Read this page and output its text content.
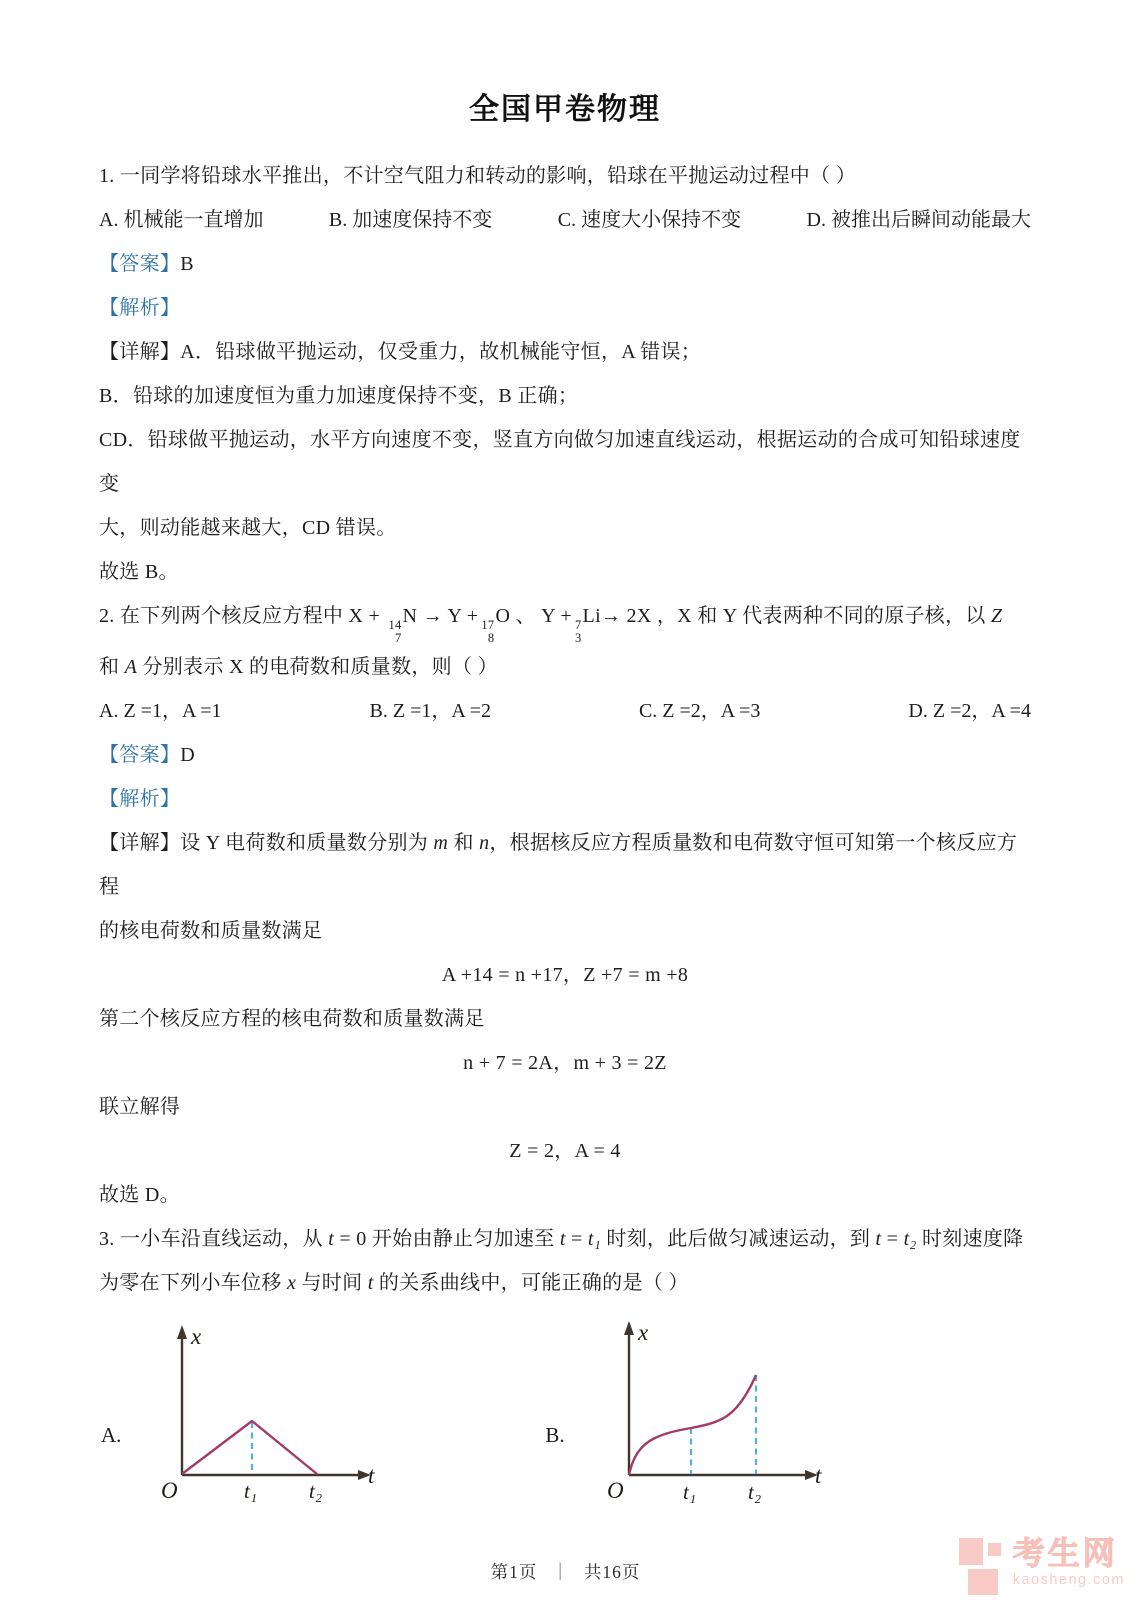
全国甲卷物理

1. 一同学将铅球水平推出，不计空气阻力和转动的影响，铅球在平抛运动过程中（ ）

A. 机械能一直增加	B. 加速度保持不变	C. 速度大小保持不变	D. 被推出后瞬间动能最大

【答案】B

【解析】

【详解】A．铅球做平抛运动，仅受重力，故机械能守恒，A 错误；

B．铅球的加速度恒为重力加速度保持不变，B 正确；

CD．铅球做平抛运动，水平方向速度不变，竖直方向做匀加速直线运动，根据运动的合成可知铅球速度变

大，则动能越来越大，CD 错误。

故选 B。

2. 在下列两个核反应方程中 X + 14
7
N → Y + 17
8
O 、 Y + 7
3
Li→ 2X ，X 和 Y 代表两种不同的原子核，以 Z

和 A 分别表示 X 的电荷数和质量数，则（ ）

A. Z =1，A =1	B. Z =1，A =2	C. Z =2，A =3	D. Z =2，A =4

【答案】D

【解析】

【详解】设 Y 电荷数和质量数分别为 m 和 n，根据核反应方程质量数和电荷数守恒可知第一个核反应方程

的核电荷数和质量数满足

A +14 = n +17，Z +7 = m +8

第二个核反应方程的核电荷数和质量数满足

n + 7 = 2A，m + 3 = 2Z

联立解得

Z = 2，A = 4

故选 D。

3. 一小车沿直线运动，从 t = 0 开始由静止匀加速至 t = t₁ 时刻，此后做匀减速运动，到 t = t₂ 时刻速度降

为零在下列小车位移 x 与时间 t 的关系曲线中，可能正确的是（ ）

A.
O
x
t
t₁ t₂
B.
O
x
t
t₁ t₂
第1页 ｜ 共16页
考生网
kaosheng.com
